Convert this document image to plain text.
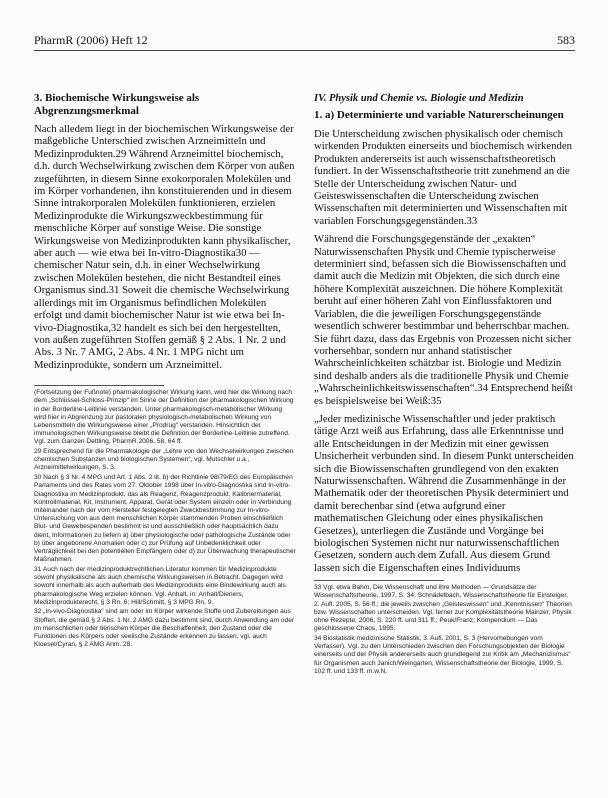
PharmR (2006) Heft 12	583
3. Biochemische Wirkungsweise als Abgrenzungsmerkmal

Nach alledem liegt in der biochemischen Wirkungsweise der maßgebliche Unterschied zwischen Arzneimitteln und Medizinprodukten.29 Während Arzneimittel biochemisch, d.h. durch Wechselwirkung zwischen dem Körper von außen zugeführten, in diesem Sinne exokorporalen Molekülen und im Körper vorhandenen, ihn konstituierenden und in diesem Sinne intrakorporalen Molekülen funktionieren, erzielen Medizinprodukte die Wirkungszweckbestimmung für menschliche Körper auf sonstige Weise. Die sonstige Wirkungsweise von Medizinprodukten kann physikalischer, aber auch — wie etwa bei In-vitro-Diagnostika30 — chemischer Natur sein, d.h. in einer Wechselwirkung zwischen Molekülen bestehen, die nicht Bestandteil eines Organismus sind.31 Soweit die chemische Wechselwirkung allerdings mit im Organismus befindlichen Molekülen erfolgt und damit biochemischer Natur ist wie etwa bei In-vivo-Diagnostika,32 handelt es sich bei den hergestellten, von außen zugeführten Stoffen gemäß § 2 Abs. 1 Nr. 2 und Abs. 3 Nr. 7 AMG, 2 Abs. 4 Nr. 1 MPG nicht um Medizinprodukte, sondern um Arzneimittel.

(Fortsetzung der Fußnote) pharmakologischer Wirkung kann, wird hier die Wirkung nach dem „Schlüssel-Schloss-Prinzip“ im Sinne der Definition der pharmakologischen Wirkung in der Borderline-Leitlinie verstanden. Unter pharmakologisch-metabolischer Wirkung wird hier in Abgrenzung zur pastoralen physiologisch-metabolischen Wirkung von Lebensmitteln die Wirkungsweise einer „Prodrug“ verstanden. Hinsichtlich der immunologischen Wirkungsweise bleibt die Definition der Borderline-Leitlinie zutreffend. Vgl. zum Ganzen Dettling, PharmR 2006, 58, 64 ff.

29 Entsprechend für die Pharmakologie der „Lehre von den Wechselwirkungen zwischen chemischen Substanzen und biologischen Systemen“, vgl. Mutschler u.a., Arzneimittelwirkungen, S. 3.

30 Nach § 3 Nr. 4 MPG und Art. 1 Abs. 2 lit. b) der Richtlinie 98/79/EG des Europäischen Parlaments und des Rates vom 27. Oktober 1998 über In-vitro-Diagnostika sind In-vitro-Diagnostika im Medizinprodukt, das als Reagenz, Reagenzprodukt, Kalibriermaterial, Kontrollmaterial, Kit, Instrument, Apparat, Gerät oder System einzeln oder in Verbindung miteinander nach der vom Hersteller festgelegten Zweckbestimmung zur In-vitro-Untersuchung von aus dem menschlichen Körper stammenden Proben einschließlich Blut- und Gewebespenden bestimmt ist und ausschließlich oder hauptsächlich dazu dient, Informationen zu liefern a) über physiologische oder pathologische Zustände oder b) über angeborene Anomalien oder c) zur Prüfung auf Unbedenklichkeit oder Verträglichkeit bei den potentiellen Empfängern oder d) zur Überwachung therapeutischer Maßnahmen.

31 Auch nach der medizinproduktrechtlichen Literatur kommen für Medizinprodukte sowohl physikalische als auch chemische Wirkungsweisen in Betracht. Dagegen wird sowohl innerhalb als auch außerhalb des Medizinprodukts eine Bindewirkung auch als pharmakologische Weg erzielen können. Vgl. Anhalt, in: Anhalt/Dieners, Medizinprodukterecht, § 3 Rn. 6; Hill/Schmitt, § 3 MPG Rn. 9.

32 „In-vivo-Diagnostika“ sind am oder im Körper wirkende Stoffe und Zubereitungen aus Stoffen, die gemäß § 2 Abs. 1 Nr. 2 AMG dazu bestimmt sind, durch Anwendung am oder im menschlichen oder tierischen Körper die Beschaffenheit, den Zustand oder die Funktionen des Körpers oder seelische Zustände erkennen zu lassen, vgl. auch Kloesel/Cyran, § 2 AMG Anm. 28.

IV. Physik und Chemie vs. Biologie und Medizin
1. a) Determinierte und variable Naturerscheinungen

Die Unterscheidung zwischen physikalisch oder chemisch wirkenden Produkten einerseits und biochemisch wirkenden Produkten andererseits ist auch wissenschaftstheoretisch fundiert. In der Wissenschaftstheorie tritt zunehmend an die Stelle der Unterscheidung zwischen Natur- und Geisteswissenschaften die Unterscheidung zwischen Wissenschaften mit determinierten und Wissenschaften mit variablen Forschungsgegenständen.33

Während die Forschungsgegenstände der „exakten“ Naturwissenschaften Physik und Chemie typischerweise determiniert sind, befassen sich die Biowissenschaften und damit auch die Medizin mit Objekten, die sich durch eine höhere Komplexität auszeichnen. Die höhere Komplexität beruht auf einer höheren Zahl von Einflussfaktoren und Variablen, die die jeweiligen Forschungsgegenstände wesentlich schwerer bestimmbar und beherrschbar machen. Sie führt dazu, dass das Ergebnis von Prozessen nicht sicher vorhersehbar, sondern nur anhand statistischer Wahrscheinlichkeiten schätzbar ist. Biologie und Medizin sind deshalb anders als die traditionelle Physik und Chemie „Wahrscheinlichkeitswissenschaften“.34 Entsprechend heißt es beispielsweise bei Weiß:35

„Jeder medizinische Wissenschaftler und jeder praktisch tätige Arzt weiß aus Erfahrung, dass alle Erkenntnisse und alle Entscheidungen in der Medizin mit einer gewissen Unsicherheit verbunden sind. In diesem Punkt unterscheiden sich die Biowissenschaften grundlegend von den exakten Naturwissenschaften. Während die Zusammenhänge in der Mathematik oder der theoretischen Physik determiniert und damit berechenbar sind (etwa aufgrund einer mathematischen Gleichung oder eines physikalischen Gesetzes), unterliegen die Zustände und Vorgänge bei biologischen Systemen nicht nur naturwissenschaftlichen Gesetzen, sondern auch dem Zufall. Aus diesem Grund lassen sich die Eigenschaften eines Individuums

33 Vgl. etwa Bahm, Die Wissenschaft und ihre Methoden — Grundsätze der Wissenschaftstheorie, 1997, S. 34; Schnädelbach, Wissenschaftstheorie für Einsteiger, 2. Aufl. 2005, S. 56 ff.; die jeweils zwischen „Geisteswissen“ und „Kenntnissen“ Theorien bzw. Wissenschaften unterscheiden. Vgl. ferner zur Komplexitätstheorie Mainzer, Physik ohne Rezepte, 2006, S. 220 ff. und 311 ff.; Peuk/Franz, Kompendium — Das geschlossene Chaos, 1995.

34 Biostatistik medizinische Statistik, 3. Aufl. 2001, S. 3 (Hervorhebungen vom Verfasser). Vgl. zu den Unterschieden zwischen den Forschungsobjekten der Biologie einerseits und der Physik andererseits auch grundlegend zur Kritik am „Mechanizismus“ für Organismen auch Janich/Weingarten, Wissenschaftstheorie der Biologie, 1999, S. 102 ff. und 133 ff. m.w.N.
